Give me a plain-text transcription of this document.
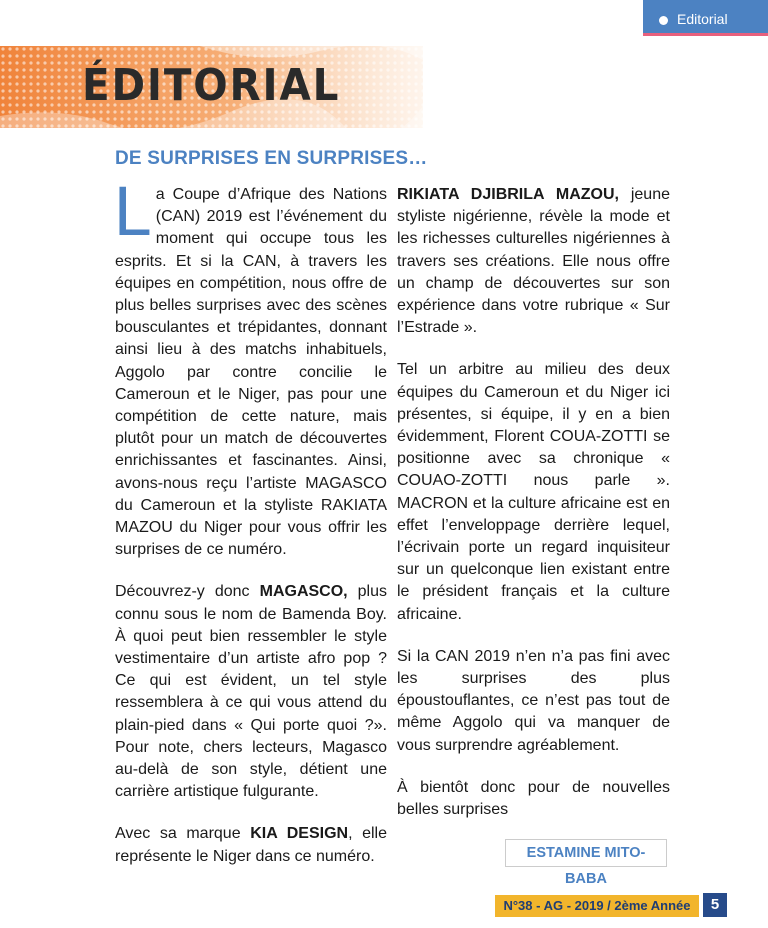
Editorial
ÉDITORIAL
DE SURPRISES EN SURPRISES…

La Coupe d’Afrique des Nations (CAN) 2019 est l’événement du moment qui occupe tous les esprits. Et si la CAN, à travers les équipes en compétition, nous offre de plus belles surprises avec des scènes bousculantes et trépidantes, donnant ainsi lieu à des matchs inhabituels, Aggolo par contre concilie le Cameroun et le Niger, pas pour une compétition de cette nature, mais plutôt pour un match de découvertes enrichissantes et fascinantes. Ainsi, avons-nous reçu l’artiste MAGASCO du Cameroun et la styliste RAKIATA MAZOU du Niger pour vous offrir les surprises de ce numéro.

Découvrez-y donc MAGASCO, plus connu sous le nom de Bamenda Boy. À quoi peut bien ressembler le style vestimentaire d’un artiste afro pop ? Ce qui est évident, un tel style ressemblera à ce qui vous attend du plain-pied dans « Qui porte quoi ?». Pour note, chers lecteurs, Magasco au-delà de son style, détient une carrière artistique fulgurante.

Avec sa marque KIA DESIGN, elle représente le Niger dans ce numéro.

RIKIATA DJIBRILA MAZOU, jeune styliste nigérienne, révèle la mode et les richesses culturelles nigériennes à travers ses créations. Elle nous offre un champ de découvertes sur son expérience dans votre rubrique « Sur l’Estrade ».

Tel un arbitre au milieu des deux équipes du Cameroun et du Niger ici présentes, si équipe, il y en a bien évidemment, Florent COUA-ZOTTI se positionne avec sa chronique « COUAO-ZOTTI nous parle ». MACRON et la culture africaine est en effet l’enveloppage derrière lequel, l’écrivain porte un regard inquisiteur sur un quelconque lien existant entre le président français et la culture africaine.

Si la CAN 2019 n’en n’a pas fini avec les surprises des plus époustouflantes, ce n’est pas tout de même Aggolo qui va manquer de vous surprendre agréablement.

À bientôt donc pour de nouvelles belles surprises

ESTAMINE MITO-BABA
N°38 - AG - 2019 / 2ème Année	5
